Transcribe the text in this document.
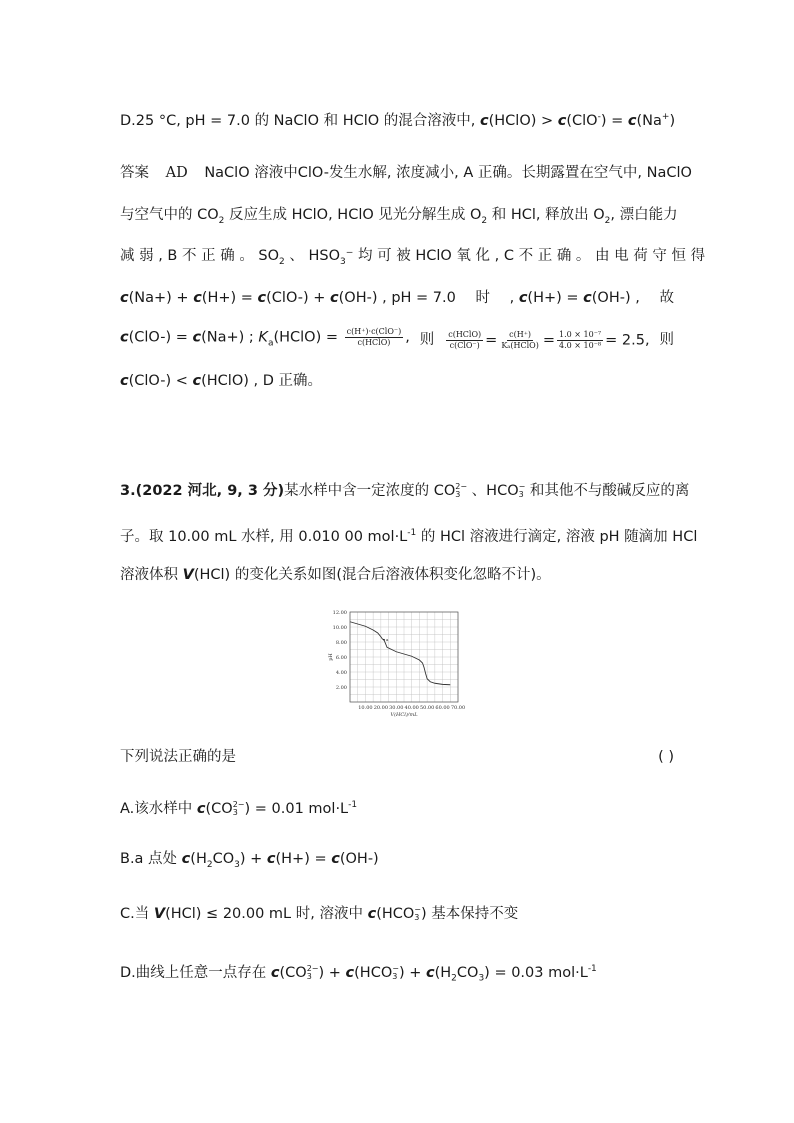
D.25 °C, pH = 7.0 的 NaClO 和 HClO 的混合溶液中, c(HClO) > c(ClO-) = c(Na+)
答案 AD NaClO 溶液中ClO-发生水解, 浓度减小, A 正确。长期露置在空气中, NaClO
与空气中的 $CO_2$ 反应生成 HClO, HClO 见光分解生成 $O_2$ 和 HCl, 释放出 $O_2$, 漂白能力
减 弱 , B 不 正 确 。 $SO_2$ 、 $HSO_3^-$ 均 可 被 HClO 氧 化 , C 不 正 确 。 由 电 荷 守 恒 得
c(Na+) + c(H+) = c(ClO-) + c(OH-) , pH = 7.0 时 , c(H+) = c(OH-) , 故
c(ClO-) = c(Na+) ; $K_a(HClO) = \frac{\text{c(H⁺)·c(ClO⁻)}}{\text{c(HClO)}}$ , 则 $\frac{\text{c(HClO)}}{\text{c(ClO⁻)}} = \frac{c(H^+)}{\text{Kₐ(HClO)}} = \frac{\text{1.0 × 10⁻⁷}}{\text{4.0 × 10⁻⁸}} = 2.5$, 则
c(ClO-) < c(HClO) , D 正确。
3.(2022 河北, 9, 3 分)某水样中含一定浓度的 CO 2−
3 、HCO −
3 和其他不与酸碱反应的离
子。取 10.00 mL 水样, 用 0.010 00 $mol\cdot L^{-1}$ 的 HCl 溶液进行滴定, 溶液 pH 随滴加 HCl
溶液体积 V(HCl) 的变化关系如图(混合后溶液体积变化忽略不计)。
2.00
4.00
6.00
8.00
10.00
12.00
10.00 20.00 30.00 40.00 50.00 60.00 70.00
pH
V(HCl)/mL
a
下列说法正确的是	( )
A.该水样中 c(CO 2−
3 ) = 0.01 $mol\cdot L^{-1}$
B.a 点处 $c(H_2CO_3) + c(H+) = c(OH-)$
C.当 V(HCl) ≤ 20.00 mL 时, 溶液中 c(HCO −
3 ) 基本保持不变
D.曲线上任意一点存在 c(CO 2−
3 ) + c(HCO −
3 ) + $c(H_2CO_3) = 0.03$ $mol\cdot L^{-1}$
